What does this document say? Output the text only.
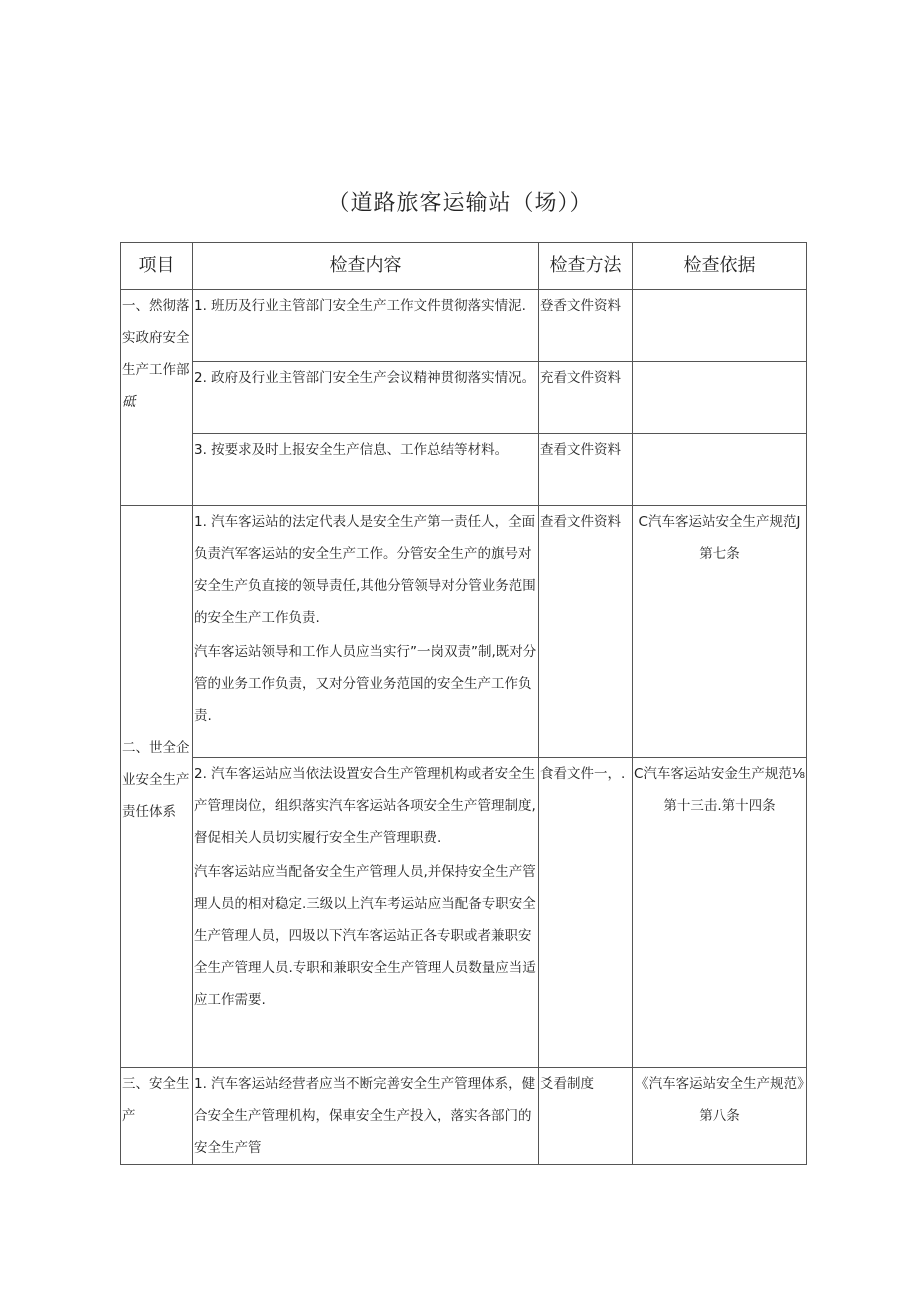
（道路旅客运输站（场））
项目	检查内容	检查方法	检查依据
一、然彻落实政府安全生产工作部砥	1. 班历及行业主管部门安全生产工作文件贯彻落实情泥.	登香文件资料	

	2. 政府及行业主管部门安全生产会议精神贯彻落实情况。	充看文件资料	

	3. 按要求及时上报安全生产信息、工作总结等材料。	查看文件资料	
二、世全企业安全生产责任体系	1. 汽车客运站的法定代表人是安全生产第一责任人，全面负责汽军客运站的安全生产工作。分管安全生产的旗号对安全生产负直接的领导责任,其他分管领导对分管业务范围的安全生产工作负责.

汽车客运站领导和工作人员应当实行”一岗双责”制,既对分管的业务工作负责，又对分管业务范国的安全生产工作负责.	查看文件资料	C汽车客运站安全生产规范J第七条

	2. 汽车客运站应当依法设置安合生产管理机构或者安全生产管理岗位，组织落实汽车客运站各项安全生产管理制度,督促相关人员切实履行安全生产管理职费.

汽车客运站应当配备安全生产管理人员,并保持安全生产管理人员的相对稳定.三级以上汽车考运站应当配备专职安全生产管理人员，四圾以下汽车客运站正各专职或者兼职安全生产管理人员.专职和兼职安全生产管理人员数量应当适应工作需要.	食看文件一，.	C汽车客运站安金生产规范⅛第十三击.第十四条
三、安全生产	1. 汽车客运站经营者应当不断完善安全生产管理体系，健合安全生产管理机构，保車安全生产投入，落实各部门的安全生产管	爻看制度	《汽车客运站安全生产规范》第八条
